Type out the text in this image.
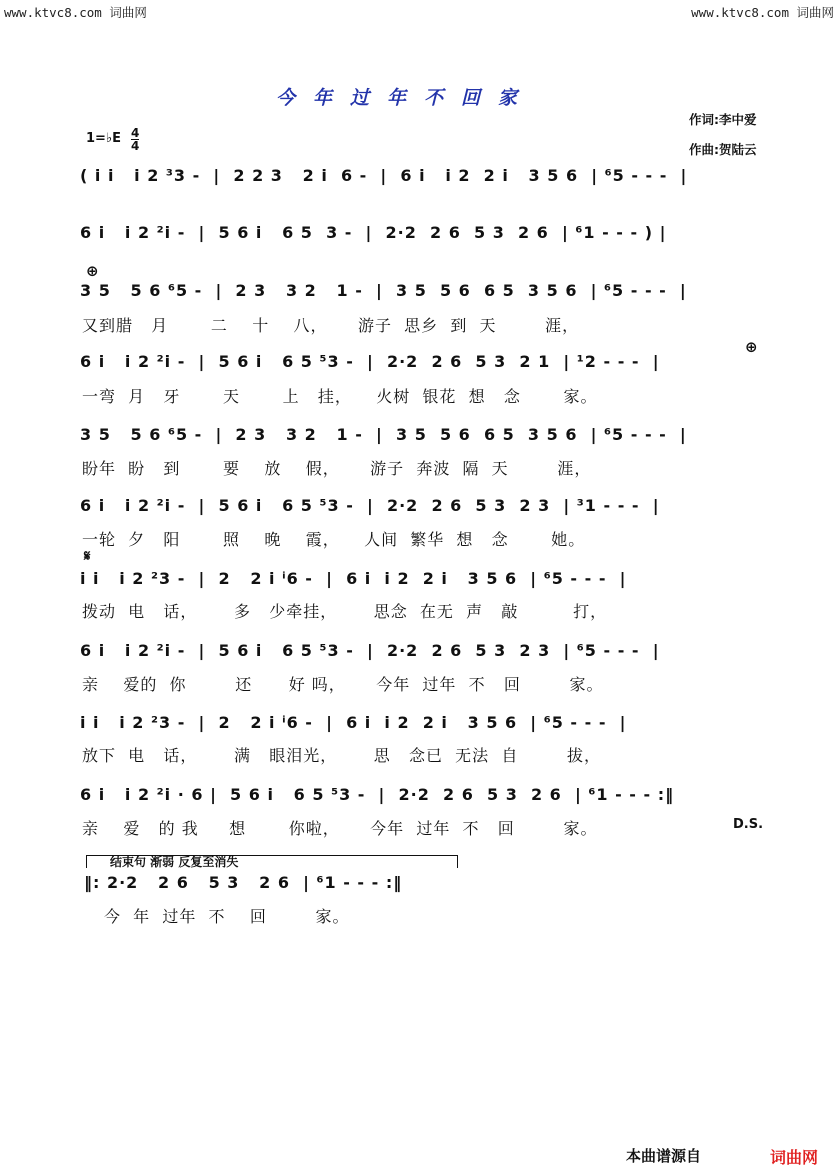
www.ktvc8.com 词曲网	www.ktvc8.com 词曲网
今年过年不回家
作词:李中爱
作曲:贺陆云
1=♭E 4
4
( i i   i 2 ³3 -  |  2 2 3   2 i  6 -  |  6 i   i 2  2 i   3 5 6  | ⁶5 - - -  |
6 i   i 2 ²i -  |  5 6 i   6 5  3 -  |  2·2  2 6  5 3  2 6  | ⁶1 - - - ) |
⊕
3 5   5 6 ⁶5 -  |  2 3   3 2   1 -  |  3 5  5 6  6 5  3 5 6  | ⁶5 - - -  |
又到腊   月       二    十    八，     游子  思乡  到  天        涯，
⊕
6 i   i 2 ²i -  |  5 6 i   6 5 ⁵3 -  |  2·2  2 6  5 3  2 1  | ¹2 - - -  |
一弯  月   牙       天       上   挂，    火树  银花  想   念       家。
3 5   5 6 ⁶5 -  |  2 3   3 2   1 -  |  3 5  5 6  6 5  3 5 6  | ⁶5 - - -  |
盼年  盼   到       要    放    假，     游子  奔波  隔  天        涯，
6 i   i 2 ²i -  |  5 6 i   6 5 ⁵3 -  |  2·2  2 6  5 3  2 3  | ³1 - - -  |
一轮  夕   阳       照    晚    霞，    人间  繁华  想   念       她。
𝄋
i i   i 2 ²3 -  |  2   2 i ⁱ6 -  |  6 i  i 2  2 i   3 5 6  | ⁶5 - - -  |
拨动  电   话，      多   少牵挂，      思念  在无  声   敲         打，
6 i   i 2 ²i -  |  5 6 i   6 5 ⁵3 -  |  2·2  2 6  5 3  2 3  | ⁶5 - - -  |
亲    爱的  你        还      好 吗，     今年  过年  不   回        家。
i i   i 2 ²3 -  |  2   2 i ⁱ6 -  |  6 i  i 2  2 i   3 5 6  | ⁶5 - - -  |
放下  电   话，      满   眼泪光，      思   念已  无法  自        拔，
6 i   i 2 ²i · 6 |  5 6 i   6 5 ⁵3 -  |  2·2  2 6  5 3  2 6  | ⁶1 - - - :‖
亲    爱   的 我     想       你啦，     今年  过年  不   回        家。	D.S.
结束句 渐弱 反复至消失
‖: 2·2   2 6   5 3   2 6  | ⁶1 - - - :‖
今  年  过年  不    回        家。
本曲谱源自	词曲网
